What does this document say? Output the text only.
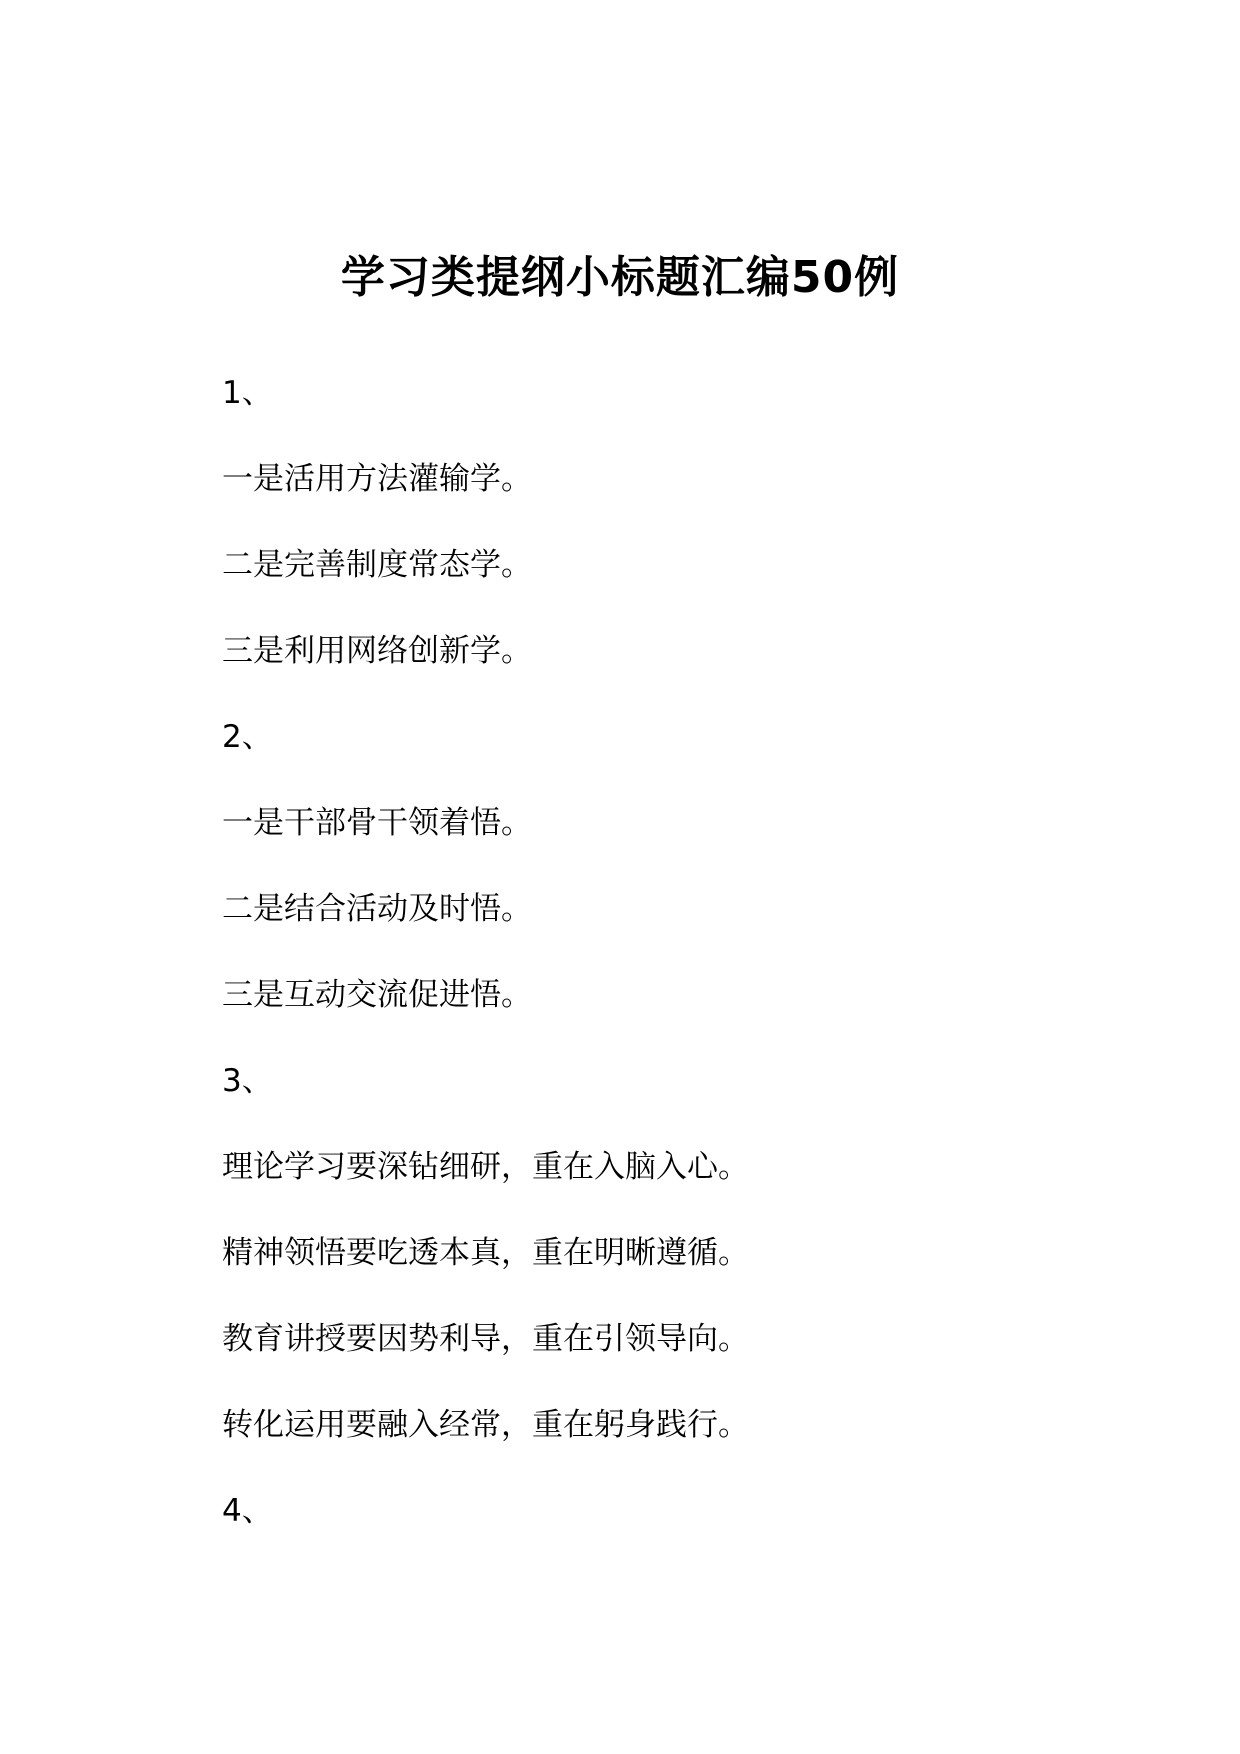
学习类提纲小标题汇编50例
1、
一是活用方法灌输学。
二是完善制度常态学。
三是利用网络创新学。
2、
一是干部骨干领着悟。
二是结合活动及时悟。
三是互动交流促进悟。
3、
理论学习要深钻细研，重在入脑入心。
精神领悟要吃透本真，重在明晰遵循。
教育讲授要因势利导，重在引领导向。
转化运用要融入经常，重在躬身践行。
4、
